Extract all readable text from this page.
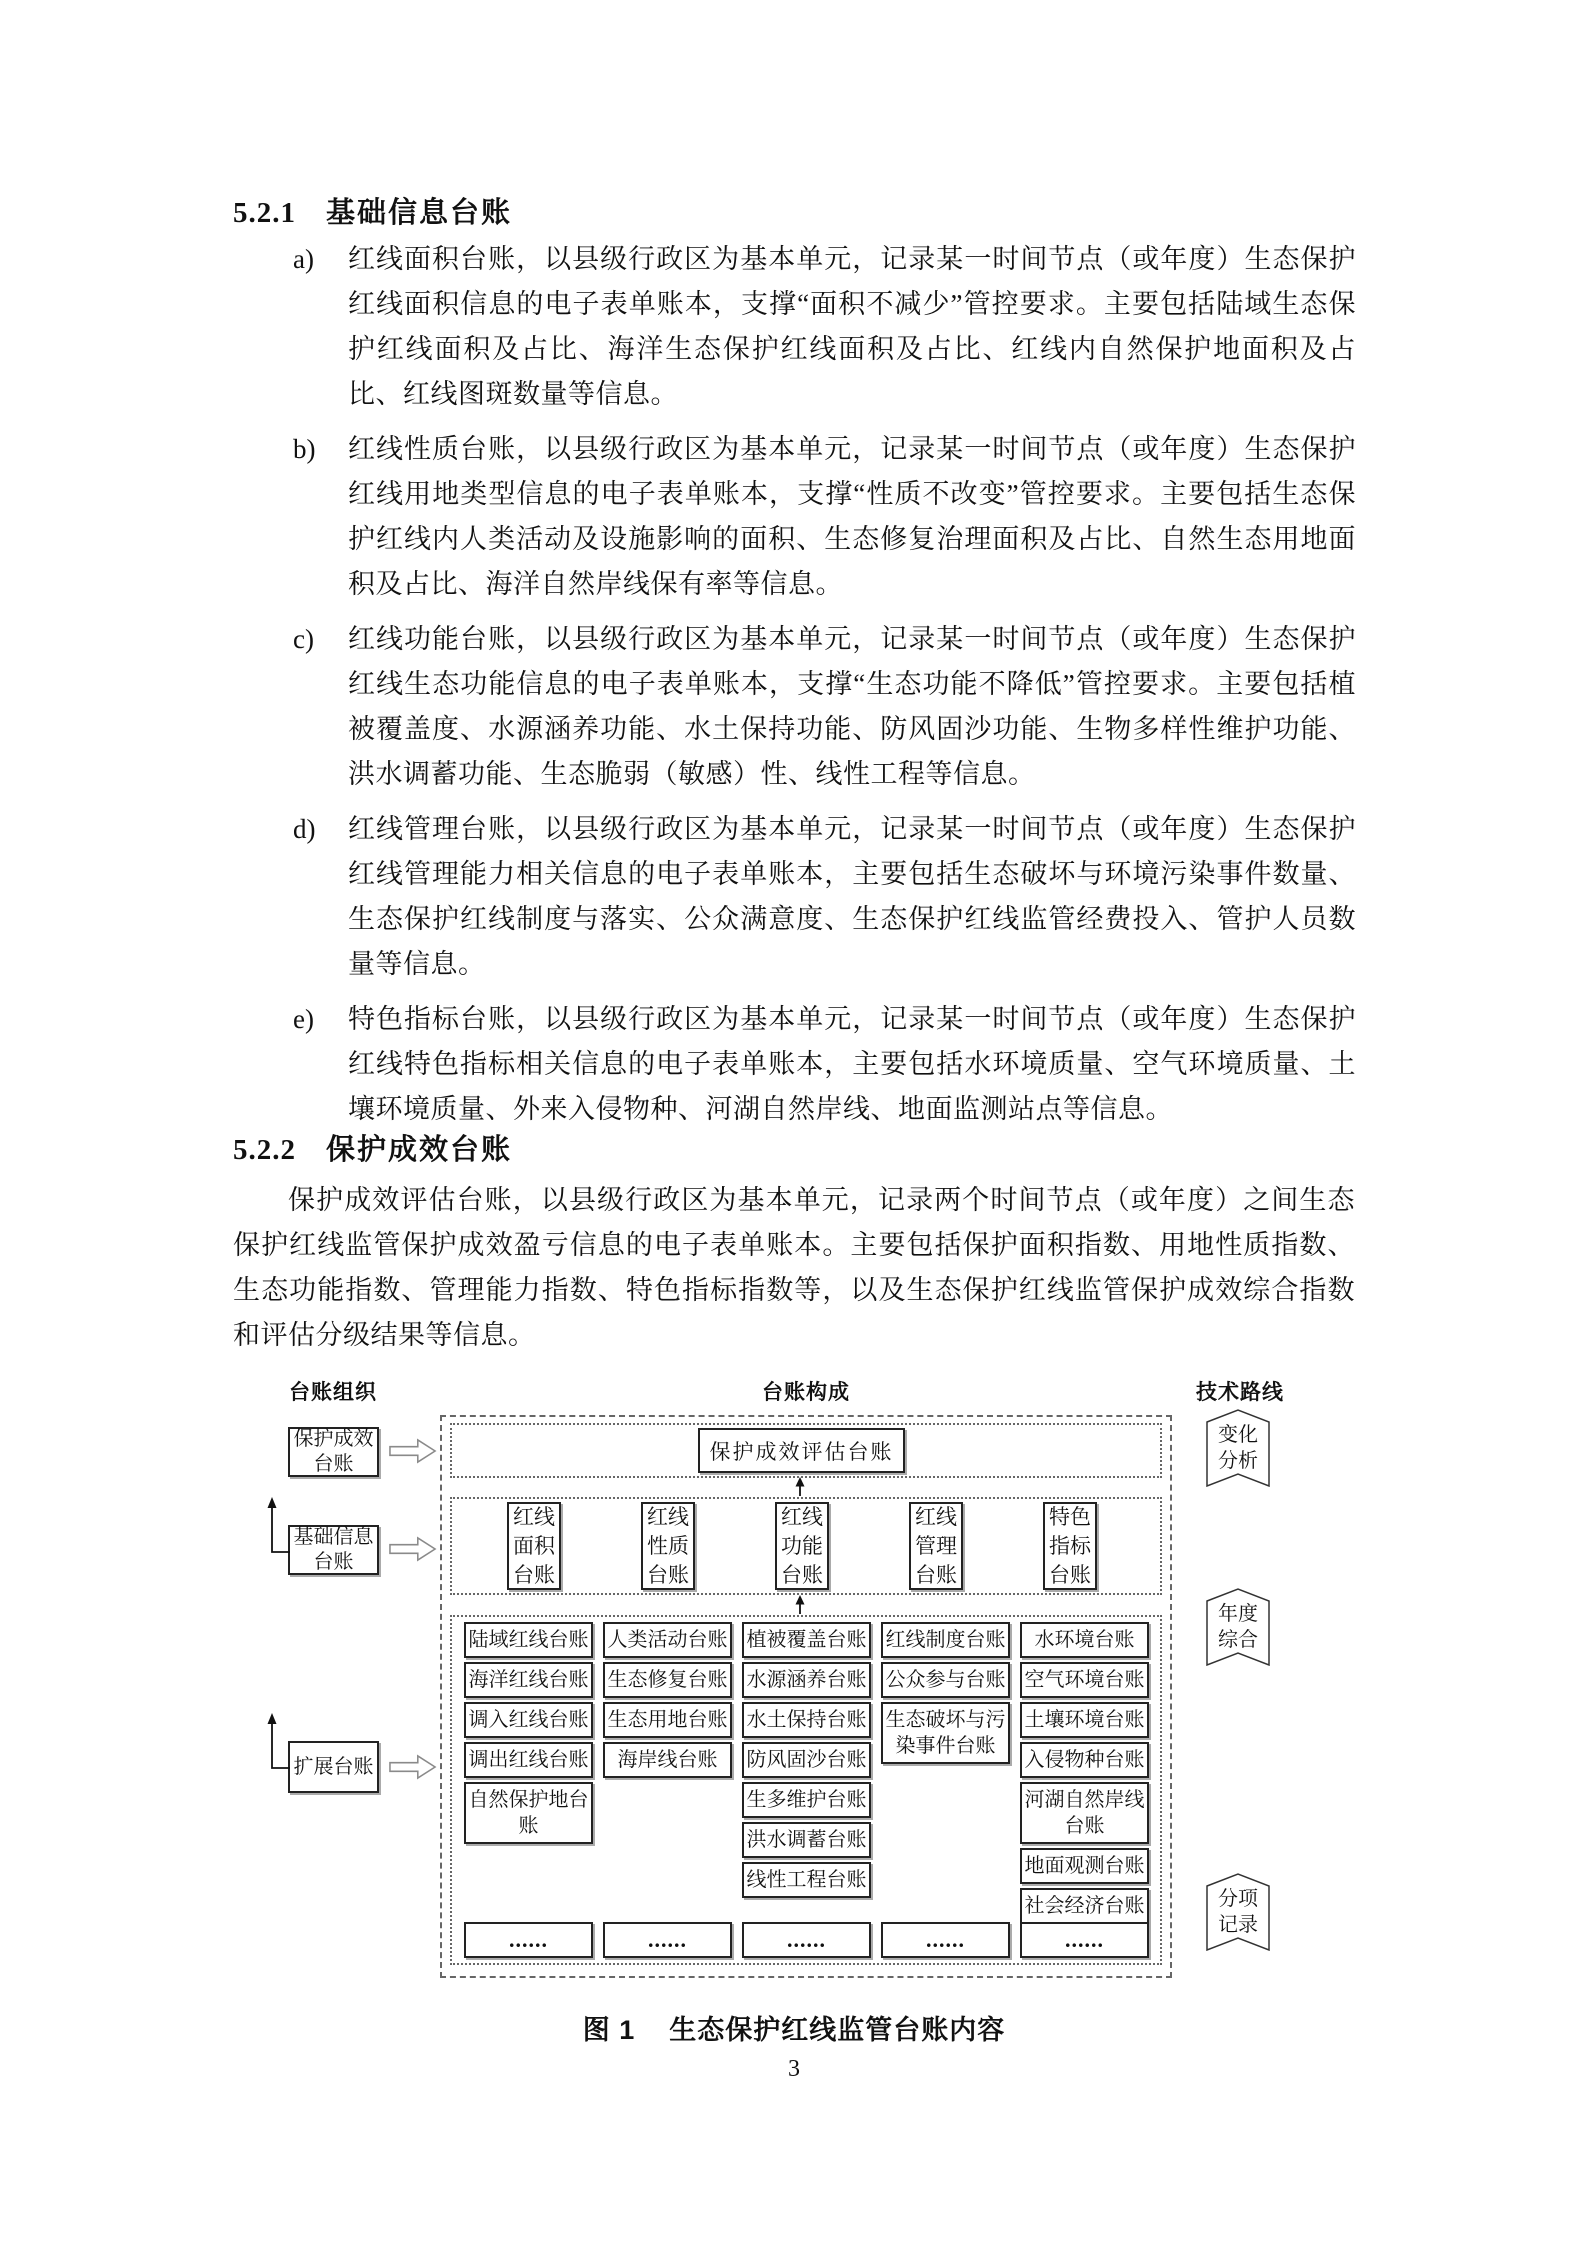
5.2.1 基础信息台账
a)	红线面积台账，以县级行政区为基本单元，记录某一时间节点（或年度）生态保护红线面积信息的电子表单账本，支撑“面积不减少”管控要求。主要包括陆域生态保护红线面积及占比、海洋生态保护红线面积及占比、红线内自然保护地面积及占比、红线图斑数量等信息。
b)	红线性质台账，以县级行政区为基本单元，记录某一时间节点（或年度）生态保护红线用地类型信息的电子表单账本，支撑“性质不改变”管控要求。主要包括生态保护红线内人类活动及设施影响的面积、生态修复治理面积及占比、自然生态用地面积及占比、海洋自然岸线保有率等信息。
c)	红线功能台账，以县级行政区为基本单元，记录某一时间节点（或年度）生态保护红线生态功能信息的电子表单账本，支撑“生态功能不降低”管控要求。主要包括植被覆盖度、水源涵养功能、水土保持功能、防风固沙功能、生物多样性维护功能、洪水调蓄功能、生态脆弱（敏感）性、线性工程等信息。
d)	红线管理台账，以县级行政区为基本单元，记录某一时间节点（或年度）生态保护红线管理能力相关信息的电子表单账本，主要包括生态破坏与环境污染事件数量、生态保护红线制度与落实、公众满意度、生态保护红线监管经费投入、管护人员数量等信息。
e)	特色指标台账，以县级行政区为基本单元，记录某一时间节点（或年度）生态保护红线特色指标相关信息的电子表单账本，主要包括水环境质量、空气环境质量、土壤环境质量、外来入侵物种、河湖自然岸线、地面监测站点等信息。
5.2.2 保护成效台账
保护成效评估台账，以县级行政区为基本单元，记录两个时间节点（或年度）之间生态保护红线监管保护成效盈亏信息的电子表单账本。主要包括保护面积指数、用地性质指数、生态功能指数、管理能力指数、特色指标指数等，以及生态保护红线监管保护成效综合指数和评估分级结果等信息。
台账组织	台账构成	技术路线
保护成效台账
基础信息台账
扩展台账
保护成效评估台账
红线面积台账
红线性质台账
红线功能台账
红线管理台账
特色指标台账
陆域红线台账
海洋红线台账
调入红线台账
调出红线台账
自然保护地台账
人类活动台账
生态修复台账
生态用地台账
海岸线台账
植被覆盖台账
水源涵养台账
水土保持台账
防风固沙台账
生多维护台账
洪水调蓄台账
线性工程台账
红线制度台账
公众参与台账
生态破坏与污染事件台账
水环境台账
空气环境台账
土壤环境台账
入侵物种台账
河湖自然岸线台账
地面观测台账
社会经济台账
......	......	......	......	......
变化分析
年度综合
分项记录
图 1 生态保护红线监管台账内容
3
